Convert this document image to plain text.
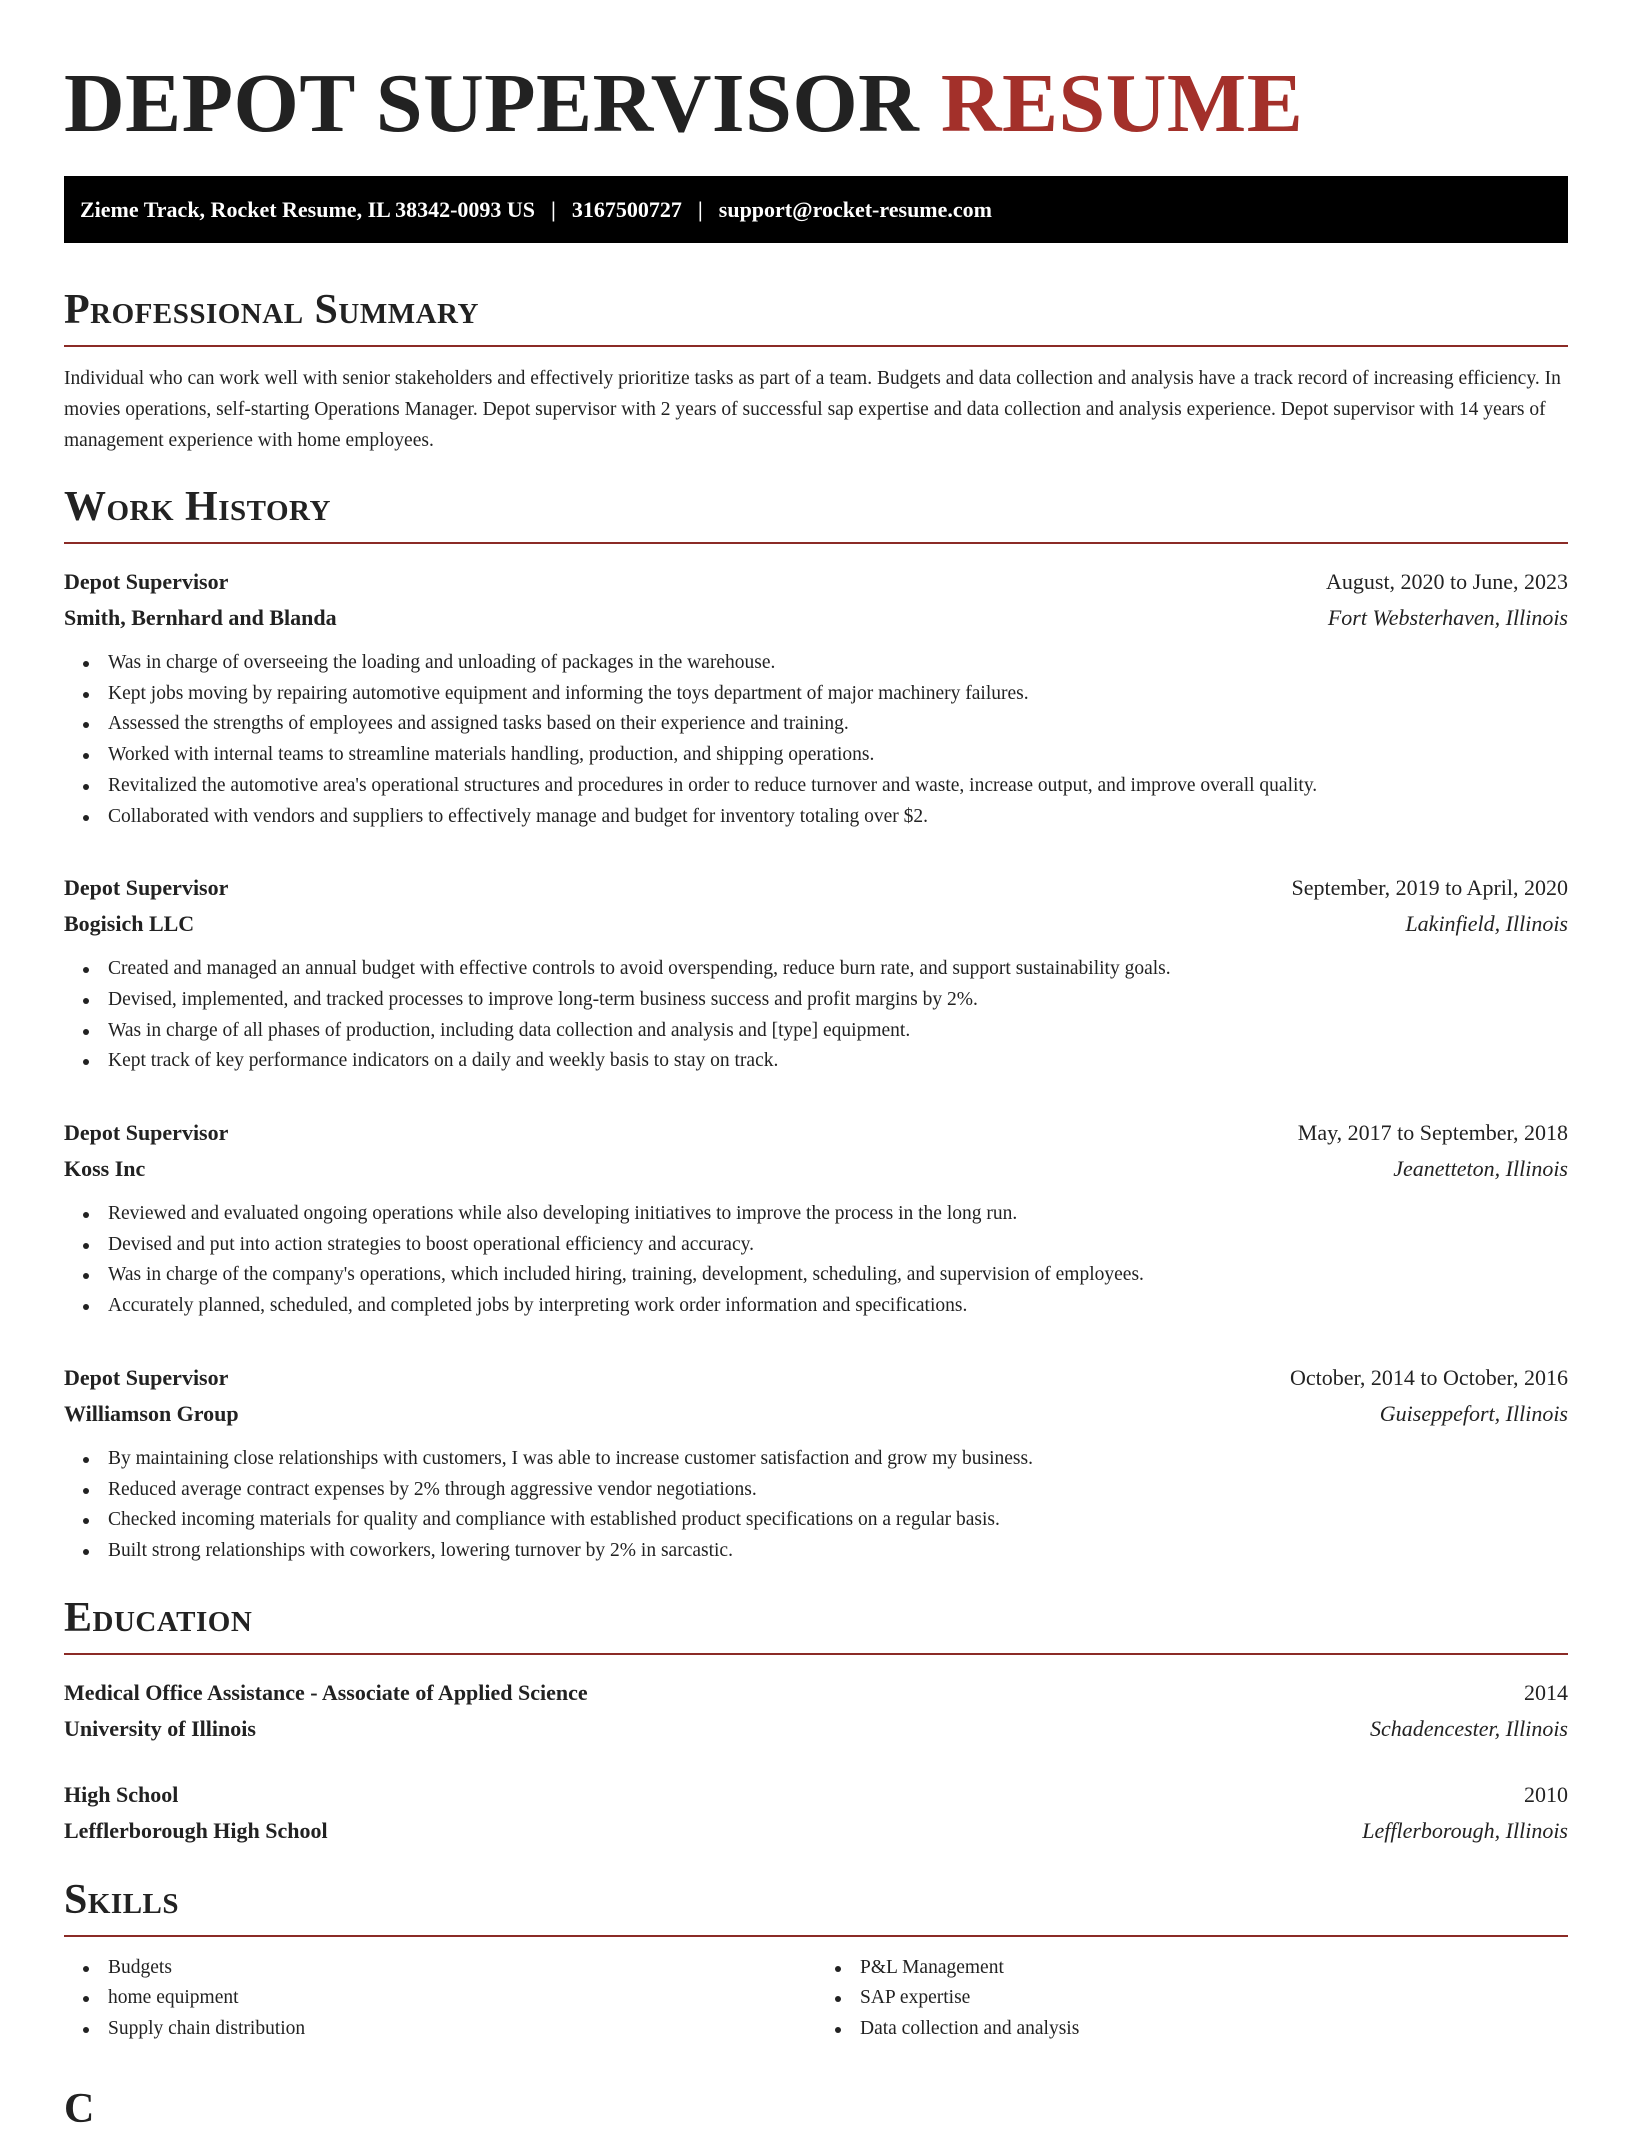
DEPOT SUPERVISOR RESUME
Zieme Track, Rocket Resume, IL 38342-0093 US | 3167500727 | support@rocket-resume.com
Professional Summary

Individual who can work well with senior stakeholders and effectively prioritize tasks as part of a team. Budgets and data collection and analysis have a track record of increasing efficiency. In movies operations, self-starting Operations Manager. Depot supervisor with 2 years of successful sap expertise and data collection and analysis experience. Depot supervisor with 14 years of management experience with home employees.

Work History
Depot Supervisor	August, 2020 to June, 2023
Smith, Bernhard and Blanda	Fort Websterhaven, Illinois
Was in charge of overseeing the loading and unloading of packages in the warehouse.
Kept jobs moving by repairing automotive equipment and informing the toys department of major machinery failures.
Assessed the strengths of employees and assigned tasks based on their experience and training.
Worked with internal teams to streamline materials handling, production, and shipping operations.
Revitalized the automotive area's operational structures and procedures in order to reduce turnover and waste, increase output, and improve overall quality.
Collaborated with vendors and suppliers to effectively manage and budget for inventory totaling over $2.
Depot Supervisor	September, 2019 to April, 2020
Bogisich LLC	Lakinfield, Illinois
Created and managed an annual budget with effective controls to avoid overspending, reduce burn rate, and support sustainability goals.
Devised, implemented, and tracked processes to improve long-term business success and profit margins by 2%.
Was in charge of all phases of production, including data collection and analysis and [type] equipment.
Kept track of key performance indicators on a daily and weekly basis to stay on track.
Depot Supervisor	May, 2017 to September, 2018
Koss Inc	Jeanetteton, Illinois
Reviewed and evaluated ongoing operations while also developing initiatives to improve the process in the long run.
Devised and put into action strategies to boost operational efficiency and accuracy.
Was in charge of the company's operations, which included hiring, training, development, scheduling, and supervision of employees.
Accurately planned, scheduled, and completed jobs by interpreting work order information and specifications.
Depot Supervisor	October, 2014 to October, 2016
Williamson Group	Guiseppefort, Illinois
By maintaining close relationships with customers, I was able to increase customer satisfaction and grow my business.
Reduced average contract expenses by 2% through aggressive vendor negotiations.
Checked incoming materials for quality and compliance with established product specifications on a regular basis.
Built strong relationships with coworkers, lowering turnover by 2% in sarcastic.
Education
Medical Office Assistance - Associate of Applied Science	2014
University of Illinois	Schadencester, Illinois
High School	2010
Lefflerborough High School	Lefflerborough, Illinois
Skills
Budgets
home equipment
Supply chain distribution
P&L Management
SAP expertise
Data collection and analysis
C
